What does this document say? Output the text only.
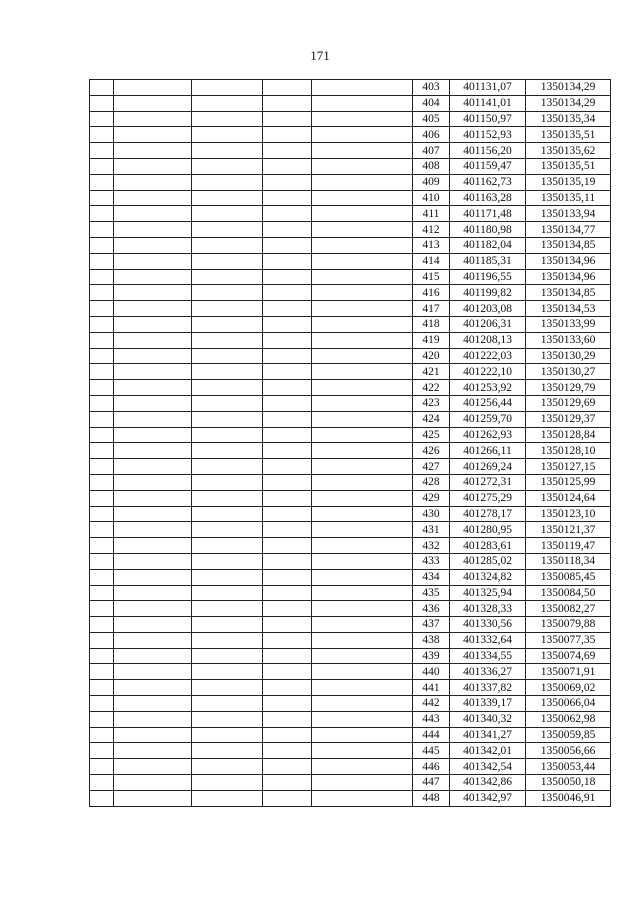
171
					403	401131,07	1350134,29
					404	401141,01	1350134,29
					405	401150,97	1350135,34
					406	401152,93	1350135,51
					407	401156,20	1350135,62
					408	401159,47	1350135,51
					409	401162,73	1350135,19
					410	401163,28	1350135,11
					411	401171,48	1350133,94
					412	401180,98	1350134,77
					413	401182,04	1350134,85
					414	401185,31	1350134,96
					415	401196,55	1350134,96
					416	401199,82	1350134,85
					417	401203,08	1350134,53
					418	401206,31	1350133,99
					419	401208,13	1350133,60
					420	401222,03	1350130,29
					421	401222,10	1350130,27
					422	401253,92	1350129,79
					423	401256,44	1350129,69
					424	401259,70	1350129,37
					425	401262,93	1350128,84
					426	401266,11	1350128,10
					427	401269,24	1350127,15
					428	401272,31	1350125,99
					429	401275,29	1350124,64
					430	401278,17	1350123,10
					431	401280,95	1350121,37
					432	401283,61	1350119,47
					433	401285,02	1350118,34
					434	401324,82	1350085,45
					435	401325,94	1350084,50
					436	401328,33	1350082,27
					437	401330,56	1350079,88
					438	401332,64	1350077,35
					439	401334,55	1350074,69
					440	401336,27	1350071,91
					441	401337,82	1350069,02
					442	401339,17	1350066,04
					443	401340,32	1350062,98
					444	401341,27	1350059,85
					445	401342,01	1350056,66
					446	401342,54	1350053,44
					447	401342,86	1350050,18
					448	401342,97	1350046,91
